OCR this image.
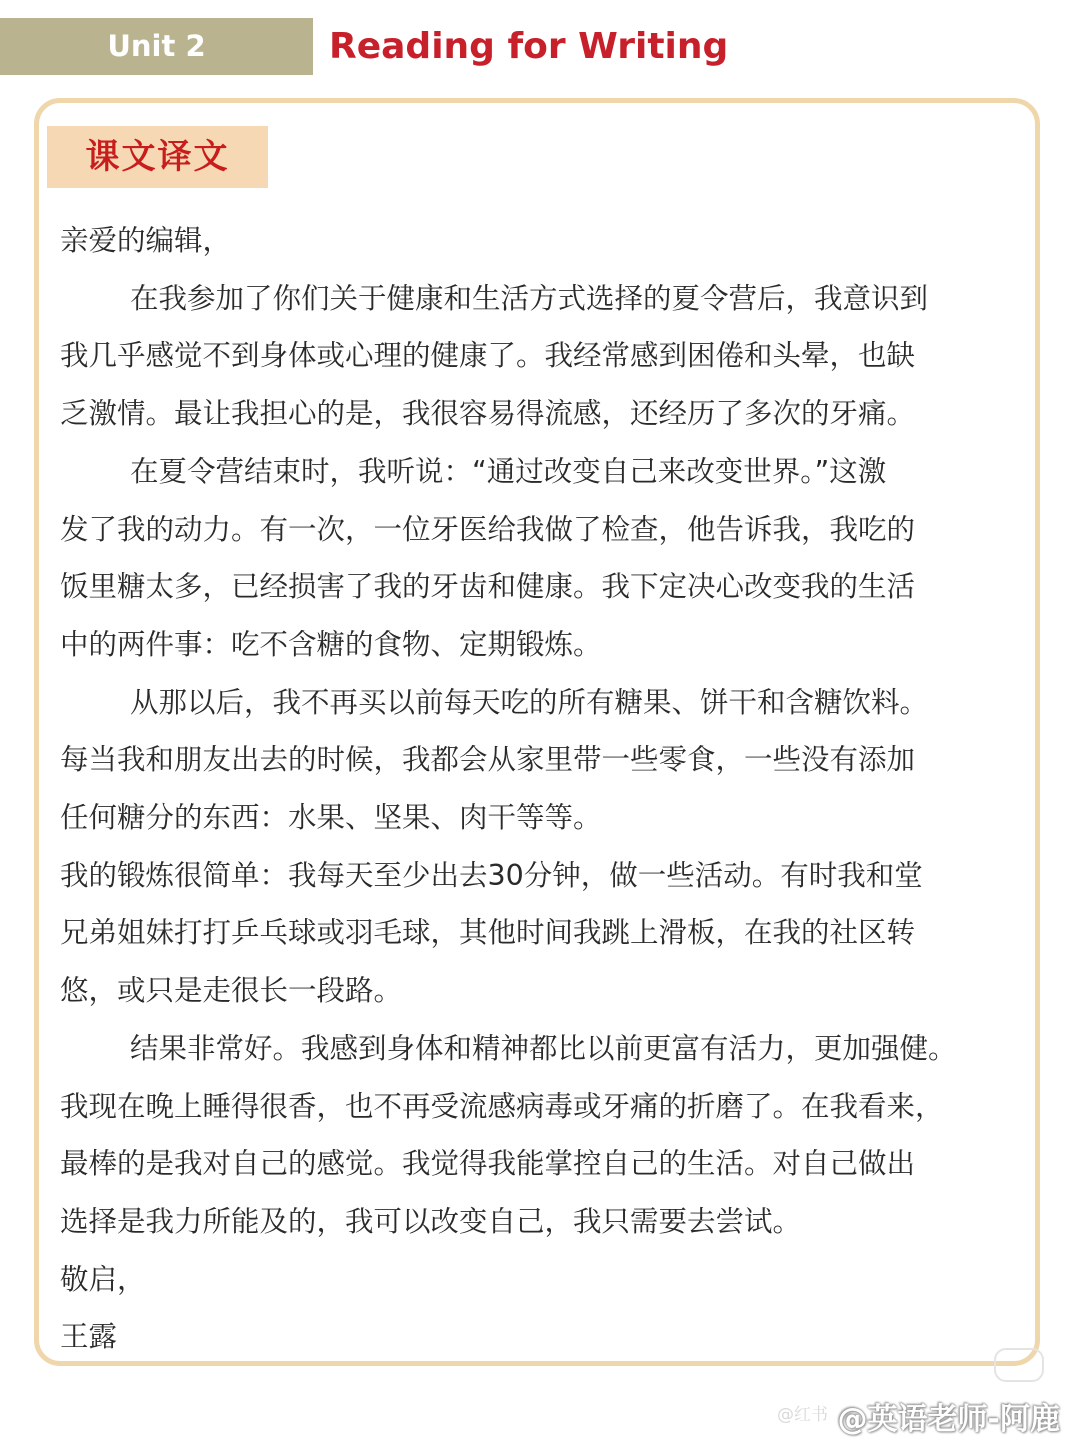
Unit 2	Reading for Writing
课文译文

亲爱的编辑，

在我参加了你们关于健康和生活方式选择的夏令营后，我意识到

我几乎感觉不到身体或心理的健康了。我经常感到困倦和头晕，也缺

乏激情。最让我担心的是，我很容易得流感，还经历了多次的牙痛。

在夏令营结束时，我听说：“通过改变自己来改变世界。”这激

发了我的动力。有一次，一位牙医给我做了检查，他告诉我，我吃的

饭里糖太多，已经损害了我的牙齿和健康。我下定决心改变我的生活

中的两件事：吃不含糖的食物、定期锻炼。

从那以后，我不再买以前每天吃的所有糖果、饼干和含糖饮料。

每当我和朋友出去的时候，我都会从家里带一些零食，一些没有添加

任何糖分的东西：水果、坚果、肉干等等。

我的锻炼很简单：我每天至少出去30分钟，做一些活动。有时我和堂

兄弟姐妹打打乒乓球或羽毛球，其他时间我跳上滑板，在我的社区转

悠，或只是走很长一段路。

结果非常好。我感到身体和精神都比以前更富有活力，更加强健。

我现在晚上睡得很香，也不再受流感病毒或牙痛的折磨了。在我看来，

最棒的是我对自己的感觉。我觉得我能掌控自己的生活。对自己做出

选择是我力所能及的，我可以改变自己，我只需要去尝试。

敬启，

王露

@红书 @英语老师-阿鹿
